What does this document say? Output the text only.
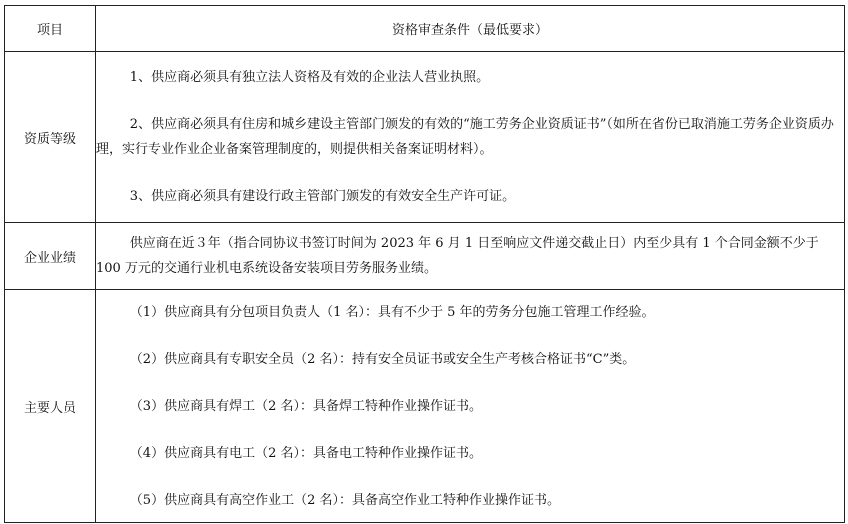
项目	资格审查条件（最低要求）
资质等级	1、供应商必须具有独立法人资格及有效的企业法人营业执照。

2、供应商必须具有住房和城乡建设主管部门颁发的有效的“施工劳务企业资质证书”（如所在省份已取消施工劳务企业资质办理，实行专业作业企业备案管理制度的，则提供相关备案证明材料）。

3、供应商必须具有建设行政主管部门颁发的有效安全生产许可证。

企业业绩	供应商在近３年（指合同协议书签订时间为 2023 年 6 月 1 日至响应文件递交截止日）内至少具有 1 个合同金额不少于 100 万元的交通行业机电系统设备安装项目劳务服务业绩。

主要人员	（1）供应商具有分包项目负责人（1 名）：具有不少于 5 年的劳务分包施工管理工作经验。

（2）供应商具有专职安全员（2 名）：持有安全员证书或安全生产考核合格证书“C”类。

（3）供应商具有焊工（2 名）：具备焊工特种作业操作证书。

（4）供应商具有电工（2 名）：具备电工特种作业操作证书。

（5）供应商具有高空作业工（2 名）：具备高空作业工特种作业操作证书。
